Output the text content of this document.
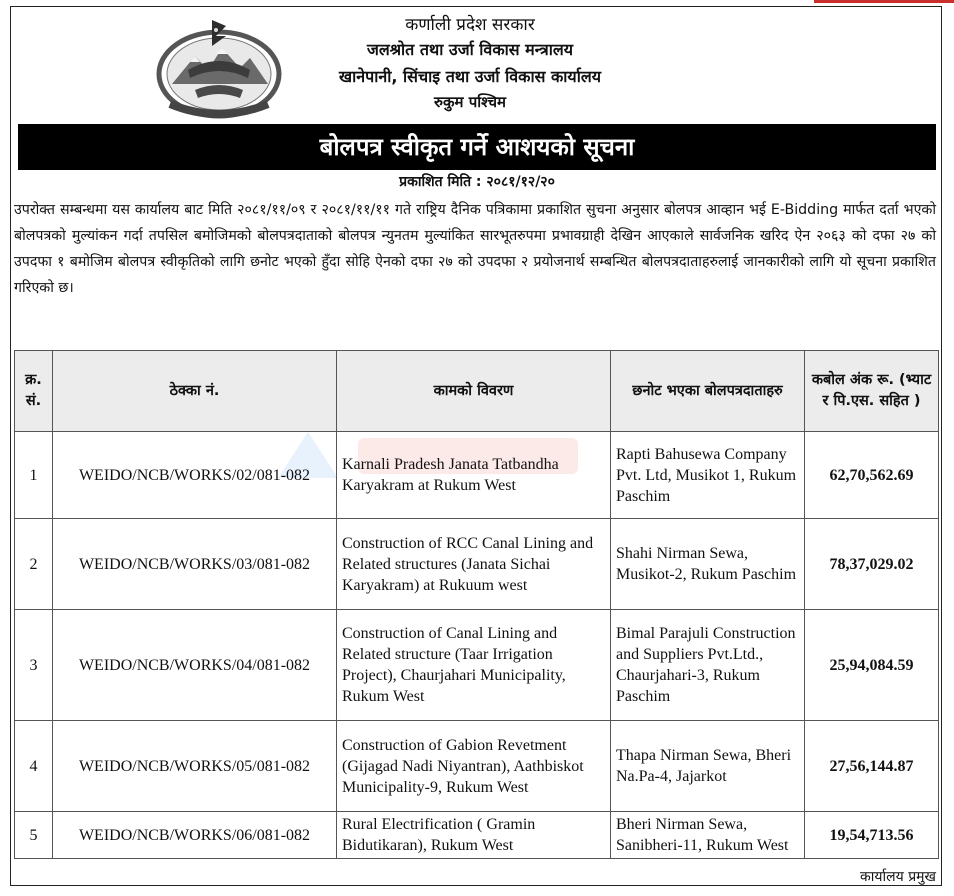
कर्णाली प्रदेश सरकार
जलश्रोत तथा उर्जा विकास मन्त्रालय
खानेपानी, सिंचाइ तथा उर्जा विकास कार्यालय
रुकुम पश्चिम
बोलपत्र स्वीकृत गर्ने आशयको सूचना
प्रकाशित मिति : २०८१/१२/२०
उपरोक्त सम्बन्धमा यस कार्यालय बाट मिति २०८१/११/०९ र २०८१/११/११ गते राष्ट्रिय दैनिक पत्रिकामा प्रकाशित सुचना अनुसार बोलपत्र आव्हान भई E-Bidding मार्फत दर्ता भएको बोलपत्रको मुल्यांकन गर्दा तपसिल बमोजिमको बोलपत्रदाताको बोलपत्र न्युनतम मुल्यांकित सारभूतरुपमा प्रभावग्राही देखिन आएकाले सार्वजनिक खरिद ऐन २०६३ को दफा २७ को उपदफा १ बमोजिम बोलपत्र स्वीकृतिको लागि छनोट भएको हुँदा सोहि ऐनको दफा २७ को उपदफा २ प्रयोजनार्थ सम्बन्धित बोलपत्रदाताहरुलाई जानकारीको लागि यो सूचना प्रकाशित गरिएको छ।
क्र. सं.	ठेक्का नं.	कामको विवरण	छनोट भएका बोलपत्रदाताहरु	कबोल अंक रू. (भ्याट र पि.एस. सहित )
1	WEIDO/NCB/WORKS/02/081-082	Karnali Pradesh Janata Tatbandha Karyakram at Rukum West	Rapti Bahusewa Company Pvt. Ltd, Musikot 1, Rukum Paschim	62,70,562.69
2	WEIDO/NCB/WORKS/03/081-082	Construction of RCC Canal Lining and Related structures (Janata Sichai Karyakram) at Rukuum west	Shahi Nirman Sewa, Musikot-2, Rukum Paschim	78,37,029.02
3	WEIDO/NCB/WORKS/04/081-082	Construction of Canal Lining and Related structure (Taar Irrigation Project), Chaurjahari Municipality, Rukum West	Bimal Parajuli Construction and Suppliers Pvt.Ltd., Chaurjahari-3, Rukum Paschim	25,94,084.59
4	WEIDO/NCB/WORKS/05/081-082	Construction of Gabion Revetment (Gijagad Nadi Niyantran), Aathbiskot Municipality-9, Rukum West	Thapa Nirman Sewa, Bheri Na.Pa-4, Jajarkot	27,56,144.87
5	WEIDO/NCB/WORKS/06/081-082	Rural Electrification ( Gramin Bidutikaran), Rukum West	Bheri Nirman Sewa, Sanibheri-11, Rukum West	19,54,713.56
कार्यालय प्रमुख
